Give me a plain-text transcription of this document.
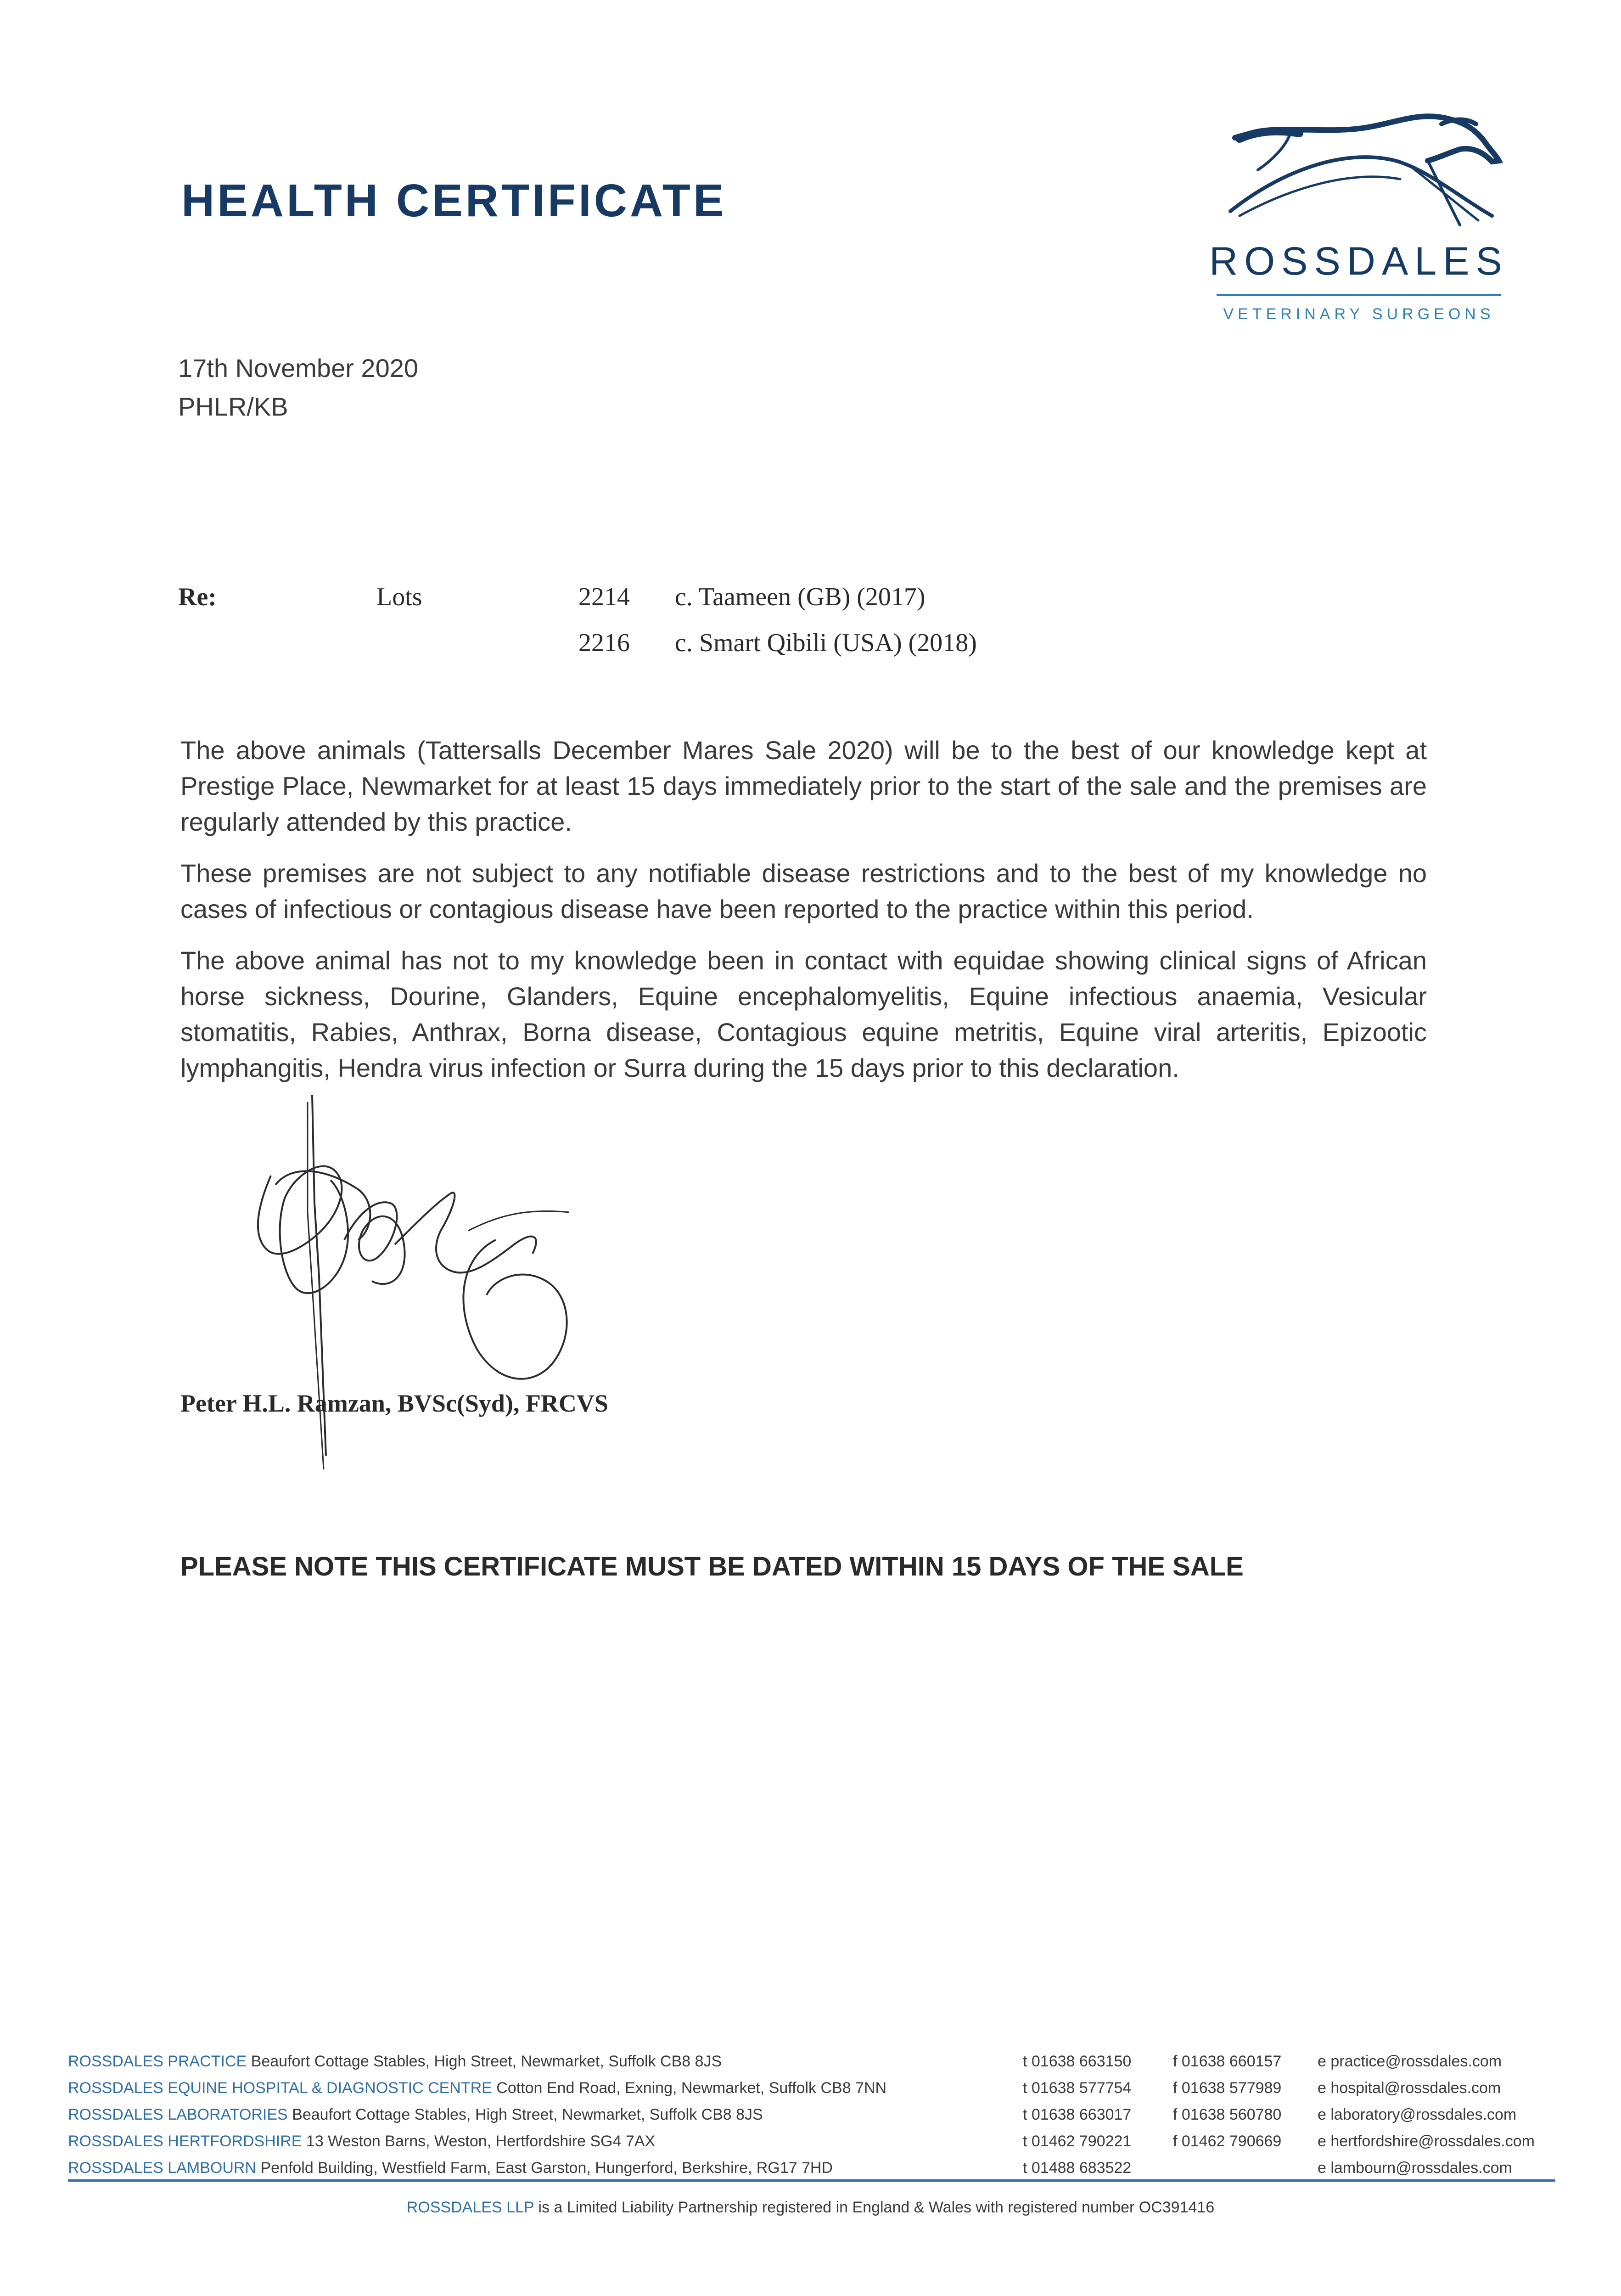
HEALTH CERTIFICATE
ROSSDALES
VETERINARY SURGEONS
17th November 2020
PHLR/KB
Re:	Lots	2214 c. Taameen (GB) (2017)
2216 c. Smart Qibili (USA) (2018)

The above animals (Tattersalls December Mares Sale 2020) will be to the best of our knowledge kept at Prestige Place, Newmarket for at least 15 days immediately prior to the start of the sale and the premises are regularly attended by this practice.

These premises are not subject to any notifiable disease restrictions and to the best of my knowledge no cases of infectious or contagious disease have been reported to the practice within this period.

The above animal has not to my knowledge been in contact with equidae showing clinical signs of African horse sickness, Dourine, Glanders, Equine encephalomyelitis, Equine infectious anaemia, Vesicular stomatitis, Rabies, Anthrax, Borna disease, Contagious equine metritis, Equine viral arteritis, Epizootic lymphangitis, Hendra virus infection or Surra during the 15 days prior to this declaration.

Peter H.L. Ramzan, BVSc(Syd), FRCVS
PLEASE NOTE THIS CERTIFICATE MUST BE DATED WITHIN 15 DAYS OF THE SALE
ROSSDALES PRACTICE Beaufort Cottage Stables, High Street, Newmarket, Suffolk CB8 8JS	t 01638 663150	f 01638 660157 e practice@rossdales.com
ROSSDALES EQUINE HOSPITAL & DIAGNOSTIC CENTRE Cotton End Road, Exning, Newmarket, Suffolk CB8 7NN	t 01638 577754	f 01638 577989 e hospital@rossdales.com
ROSSDALES LABORATORIES Beaufort Cottage Stables, High Street, Newmarket, Suffolk CB8 8JS	t 01638 663017	f 01638 560780 e laboratory@rossdales.com
ROSSDALES HERTFORDSHIRE 13 Weston Barns, Weston, Hertfordshire SG4 7AX	t 01462 790221	f 01462 790669 e hertfordshire@rossdales.com
ROSSDALES LAMBOURN Penfold Building, Westfield Farm, East Garston, Hungerford, Berkshire, RG17 7HD	t 01488 683522	e lambourn@rossdales.com
ROSSDALES LLP is a Limited Liability Partnership registered in England & Wales with registered number OC391416
